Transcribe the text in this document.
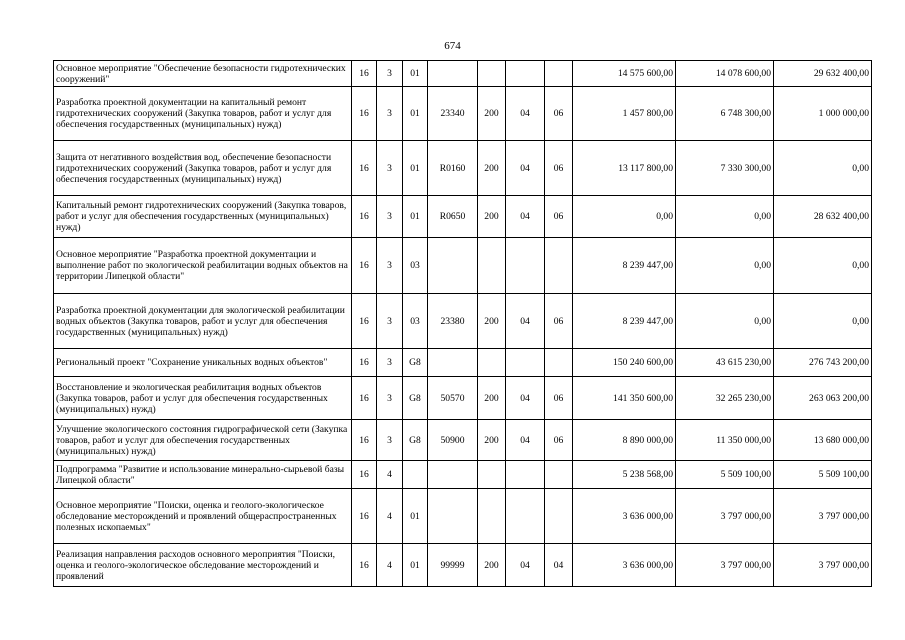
674
Основное мероприятие "Обеспечение безопасности гидротехнических сооружений"	16	3	01					14 575 600,00	14 078 600,00	29 632 400,00
Разработка проектной документации на капитальный ремонт гидротехнических сооружений (Закупка товаров, работ и услуг для обеспечения государственных (муниципальных) нужд)	16	3	01	23340	200	04	06	1 457 800,00	6 748 300,00	1 000 000,00
Защита от негативного воздействия вод, обеспечение безопасности гидротехнических сооружений (Закупка товаров, работ и услуг для обеспечения государственных (муниципальных) нужд)	16	3	01	R0160	200	04	06	13 117 800,00	7 330 300,00	0,00
Капитальный ремонт гидротехнических сооружений (Закупка товаров, работ и услуг для обеспечения государственных (муниципальных) нужд)	16	3	01	R0650	200	04	06	0,00	0,00	28 632 400,00
Основное мероприятие "Разработка проектной документации и выполнение работ по экологической реабилитации водных объектов на территории Липецкой области"	16	3	03					8 239 447,00	0,00	0,00
Разработка проектной документации для экологической реабилитации водных объектов (Закупка товаров, работ и услуг для обеспечения государственных (муниципальных) нужд)	16	3	03	23380	200	04	06	8 239 447,00	0,00	0,00
Региональный проект "Сохранение уникальных водных объектов"	16	3	G8					150 240 600,00	43 615 230,00	276 743 200,00
Восстановление и экологическая реабилитация водных объектов (Закупка товаров, работ и услуг для обеспечения государственных (муниципальных) нужд)	16	3	G8	50570	200	04	06	141 350 600,00	32 265 230,00	263 063 200,00
Улучшение экологического состояния гидрографической сети (Закупка товаров, работ и услуг для обеспечения государственных (муниципальных) нужд)	16	3	G8	50900	200	04	06	8 890 000,00	11 350 000,00	13 680 000,00
Подпрограмма "Развитие и использование минерально-сырьевой базы Липецкой области"	16	4						5 238 568,00	5 509 100,00	5 509 100,00
Основное мероприятие "Поиски, оценка и геолого-экологическое обследование месторождений и проявлений общераспространенных полезных ископаемых"	16	4	01					3 636 000,00	3 797 000,00	3 797 000,00
Реализация направления расходов основного мероприятия "Поиски, оценка и геолого-экологическое обследование месторождений и проявлений	16	4	01	99999	200	04	04	3 636 000,00	3 797 000,00	3 797 000,00
